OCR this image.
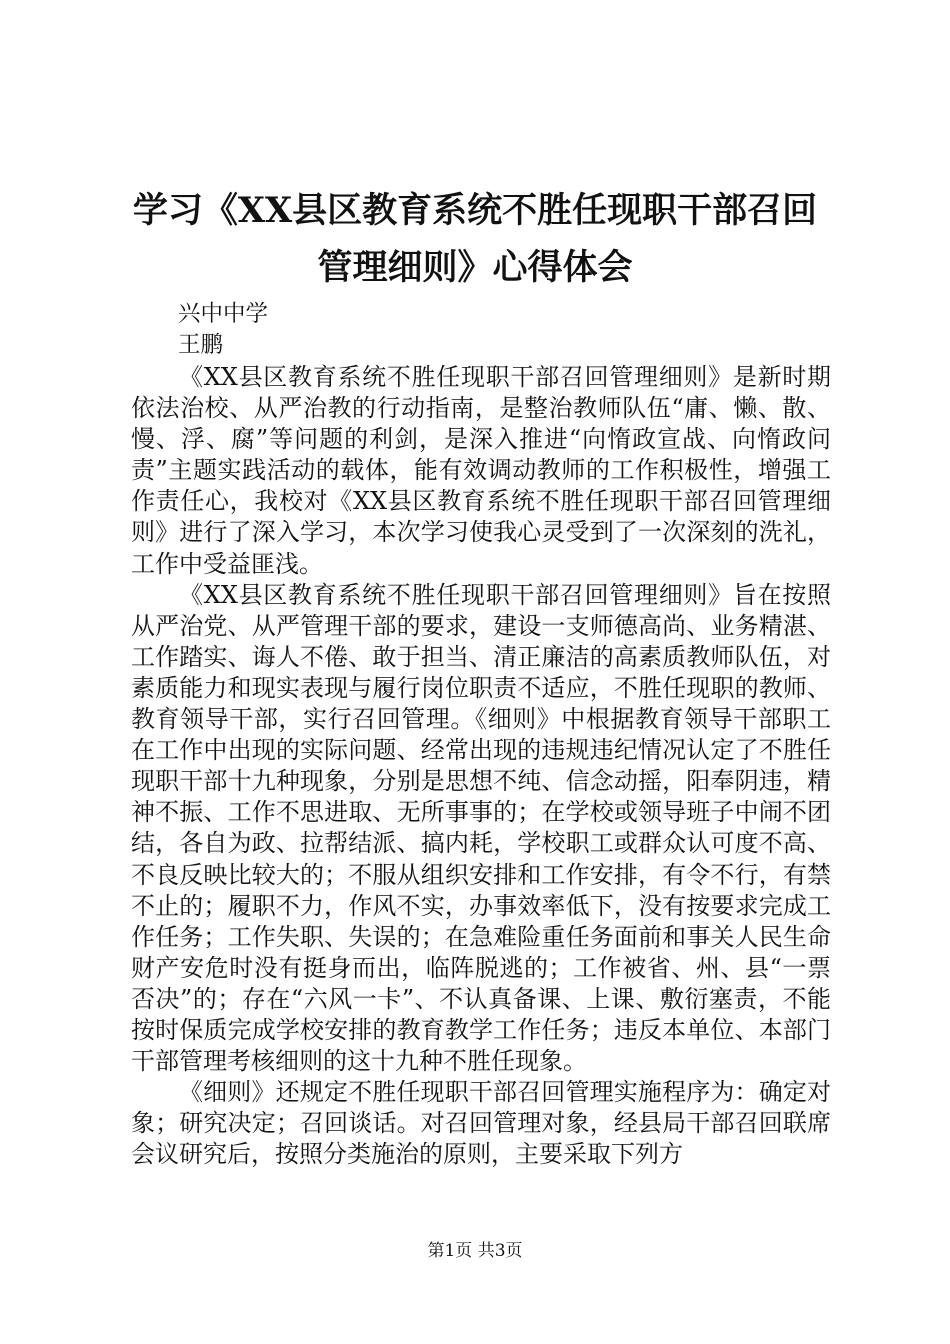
学习《XX县区教育系统不胜任现职干部召回
管理细则》心得体会
兴中中学
王鹏

《XX县区教育系统不胜任现职干部召回管理细则》是新时期依法治校、从严治教的行动指南，是整治教师队伍“庸、懒、散、慢、浮、腐”等问题的利剑，是深入推进“向惰政宣战、向惰政问责”主题实践活动的载体，能有效调动教师的工作积极性，增强工作责任心，我校对《XX县区教育系统不胜任现职干部召回管理细则》进行了深入学习，本次学习使我心灵受到了一次深刻的洗礼，工作中受益匪浅。

《XX县区教育系统不胜任现职干部召回管理细则》旨在按照从严治党、从严管理干部的要求，建设一支师德高尚、业务精湛、工作踏实、诲人不倦、敢于担当、清正廉洁的高素质教师队伍，对素质能力和现实表现与履行岗位职责不适应，不胜任现职的教师、教育领导干部，实行召回管理。《细则》中根据教育领导干部职工在工作中出现的实际问题、经常出现的违规违纪情况认定了不胜任现职干部十九种现象，分别是思想不纯、信念动摇，阳奉阴违，精神不振、工作不思进取、无所事事的；在学校或领导班子中闹不团结，各自为政、拉帮结派、搞内耗，学校职工或群众认可度不高、不良反映比较大的；不服从组织安排和工作安排，有令不行，有禁不止的；履职不力，作风不实，办事效率低下，没有按要求完成工作任务；工作失职、失误的；在急难险重任务面前和事关人民生命财产安危时没有挺身而出，临阵脱逃的；工作被省、州、县“一票否决”的；存在“六风一卡”、不认真备课、上课、敷衍塞责，不能按时保质完成学校安排的教育教学工作任务；违反本单位、本部门干部管理考核细则的这十九种不胜任现象。

《细则》还规定不胜任现职干部召回管理实施程序为：确定对象；研究决定；召回谈话。对召回管理对象，经县局干部召回联席会议研究后，按照分类施治的原则，主要采取下列方

第1页 共3页
